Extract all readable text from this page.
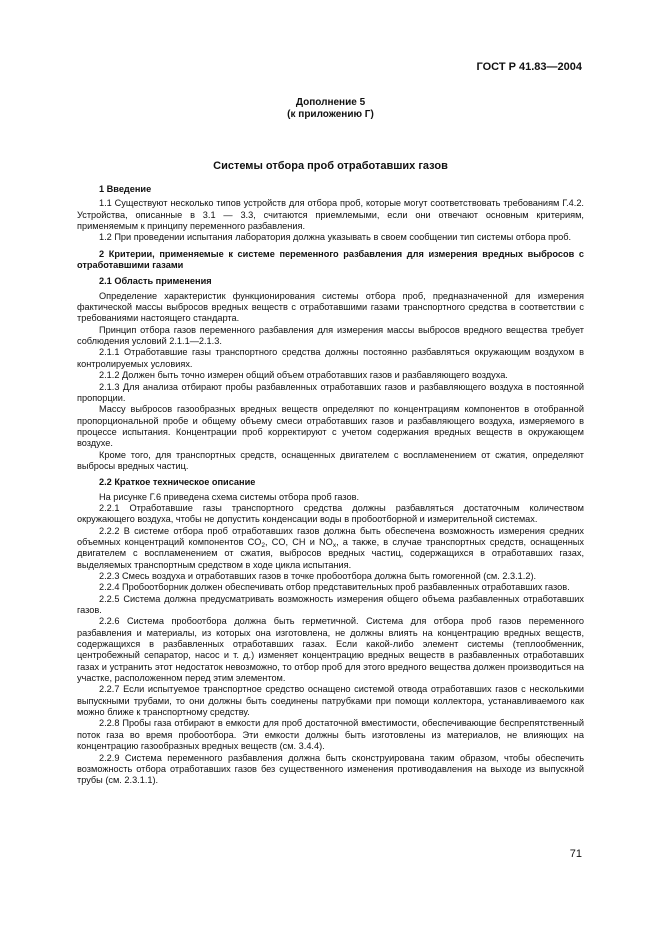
ГОСТ Р 41.83—2004
Дополнение 5
(к приложению Г)
Системы отбора проб отработавших газов

1 Введение

1.1 Существуют несколько типов устройств для отбора проб, которые могут соответствовать требованиям Г.4.2. Устройства, описанные в 3.1 — 3.3, считаются приемлемыми, если они отвечают основным критериям, применяемым к принципу переменного разбавления.

1.2 При проведении испытания лаборатория должна указывать в своем сообщении тип системы отбора проб.

2 Критерии, применяемые к системе переменного разбавления для измерения вредных выбросов с отработавшими газами

2.1 Область применения

Определение характеристик функционирования системы отбора проб, предназначенной для измерения фактической массы выбросов вредных веществ с отработавшими газами транспортного средства в соответствии с требованиями настоящего стандарта.

Принцип отбора газов переменного разбавления для измерения массы выбросов вредного вещества требует соблюдения условий 2.1.1—2.1.3.

2.1.1 Отработавшие газы транспортного средства должны постоянно разбавляться окружающим воздухом в контролируемых условиях.

2.1.2 Должен быть точно измерен общий объем отработавших газов и разбавляющего воздуха.

2.1.3 Для анализа отбирают пробы разбавленных отработавших газов и разбавляющего воздуха в постоянной пропорции.

Массу выбросов газообразных вредных веществ определяют по концентрациям компонентов в отобранной пропорциональной пробе и общему объему смеси отработавших газов и разбавляющего воздуха, измеряемого в процессе испытания. Концентрации проб корректируют с учетом содержания вредных веществ в окружающем воздухе.

Кроме того, для транспортных средств, оснащенных двигателем с воспламенением от сжатия, определяют выбросы вредных частиц.

2.2 Краткое техническое описание

На рисунке Г.6 приведена схема системы отбора проб газов.

2.2.1 Отработавшие газы транспортного средства должны разбавляться достаточным количеством окружающего воздуха, чтобы не допустить конденсации воды в пробоотборной и измерительной системах.

2.2.2 В системе отбора проб отработавших газов должна быть обеспечена возможность измерения средних объемных концентраций компонентов $CO_2$, CO, CH и $NO_x$, а также, в случае транспортных средств, оснащенных двигателем с воспламенением от сжатия, выбросов вредных частиц, содержащихся в отработавших газах, выделяемых транспортным средством в ходе цикла испытания.

2.2.3 Смесь воздуха и отработавших газов в точке пробоотбора должна быть гомогенной (см. 2.3.1.2).

2.2.4 Пробоотборник должен обеспечивать отбор представительных проб разбавленных отработавших газов.

2.2.5 Система должна предусматривать возможность измерения общего объема разбавленных отработавших газов.

2.2.6 Система пробоотбора должна быть герметичной. Система для отбора проб газов переменного разбавления и материалы, из которых она изготовлена, не должны влиять на концентрацию вредных веществ, содержащихся в разбавленных отработавших газах. Если какой-либо элемент системы (теплообменник, центробежный сепаратор, насос и т. д.) изменяет концентрацию вредных веществ в разбавленных отработавших газах и устранить этот недостаток невозможно, то отбор проб для этого вредного вещества должен производиться на участке, расположенном перед этим элементом.

2.2.7 Если испытуемое транспортное средство оснащено системой отвода отработавших газов с несколькими выпускными трубами, то они должны быть соединены патрубками при помощи коллектора, устанавливаемого как можно ближе к транспортному средству.

2.2.8 Пробы газа отбирают в емкости для проб достаточной вместимости, обеспечивающие беспрепятственный поток газа во время пробоотбора. Эти емкости должны быть изготовлены из материалов, не влияющих на концентрацию газообразных вредных веществ (см. 3.4.4).

2.2.9 Система переменного разбавления должна быть сконструирована таким образом, чтобы обеспечить возможность отбора отработавших газов без существенного изменения противодавления на выходе из выпускной трубы (см. 2.3.1.1).

71
